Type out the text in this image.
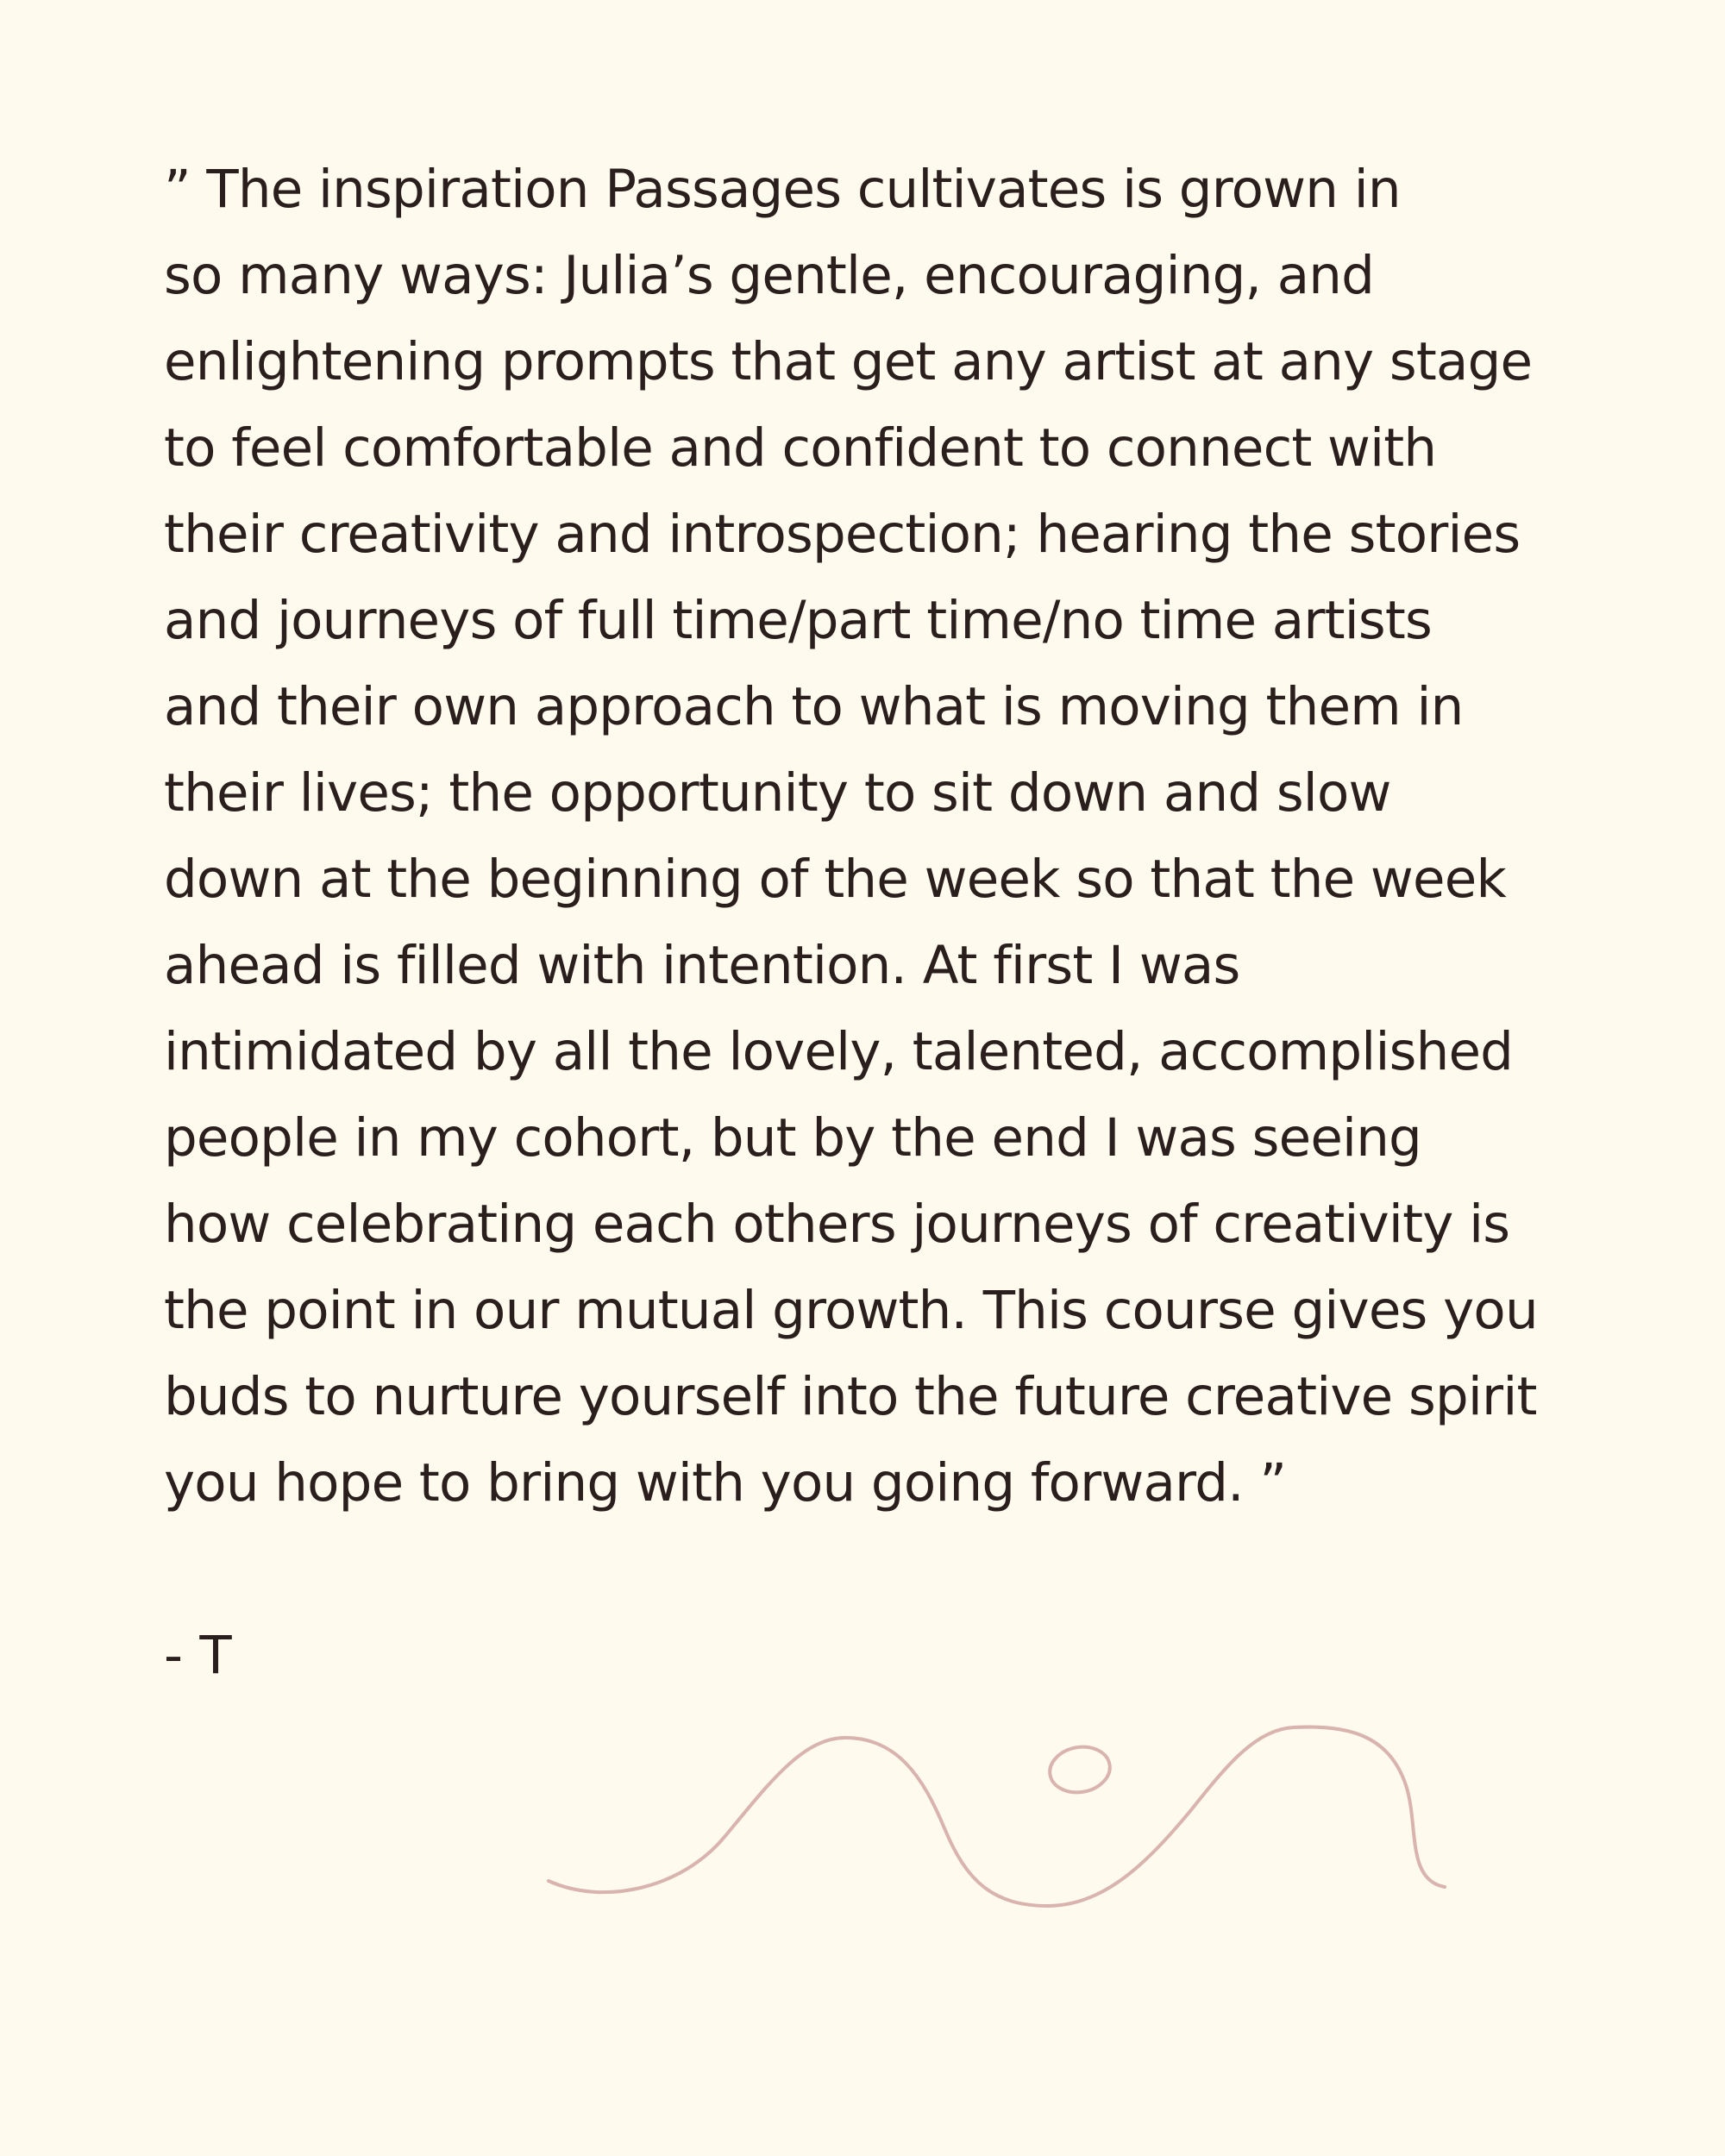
” The inspiration Passages cultivates is grown in
so many ways: Julia’s gentle, encouraging, and
enlightening prompts that get any artist at any stage
to feel comfortable and confident to connect with
their creativity and introspection; hearing the stories
and journeys of full time/part time/no time artists
and their own approach to what is moving them in
their lives; the opportunity to sit down and slow
down at the beginning of the week so that the week
ahead is filled with intention. At first I was
intimidated by all the lovely, talented, accomplished
people in my cohort, but by the end I was seeing
how celebrating each others journeys of creativity is
the point in our mutual growth. This course gives you
buds to nurture yourself into the future creative spirit
you hope to bring with you going forward. ”

- T
